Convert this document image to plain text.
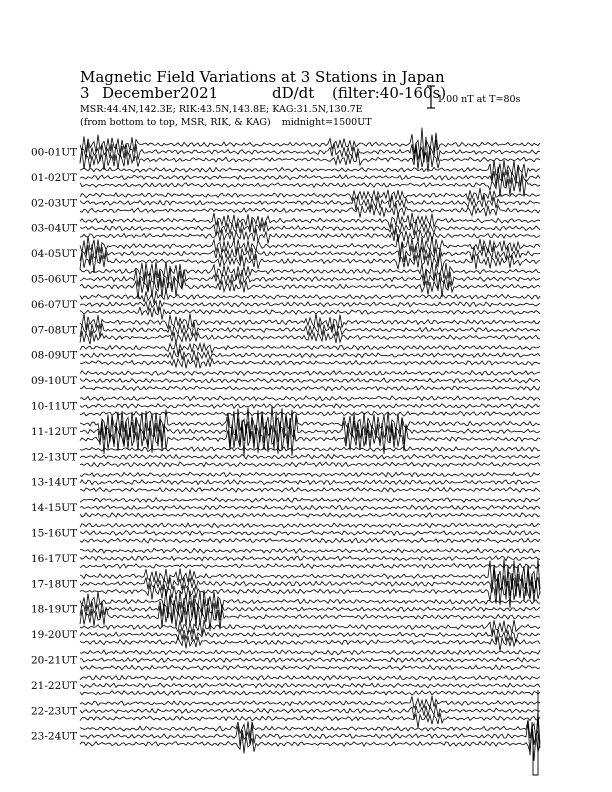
Magnetic Field Variations at 3 Stations in Japan
3 December2021	dD/dt (filter:40-160s)
MSR:44.4N,142.3E; RIK:43.5N,143.8E; KAG:31.5N,130.7E
(from bottom to top, MSR, RIK, & KAG) midnight=1500UT
1.00 nT at T=80s
00-01UT
01-02UT
02-03UT
03-04UT
04-05UT
05-06UT
06-07UT
07-08UT
08-09UT
09-10UT
10-11UT
11-12UT
12-13UT
13-14UT
14-15UT
15-16UT
16-17UT
17-18UT
18-19UT
19-20UT
20-21UT
21-22UT
22-23UT
23-24UT
